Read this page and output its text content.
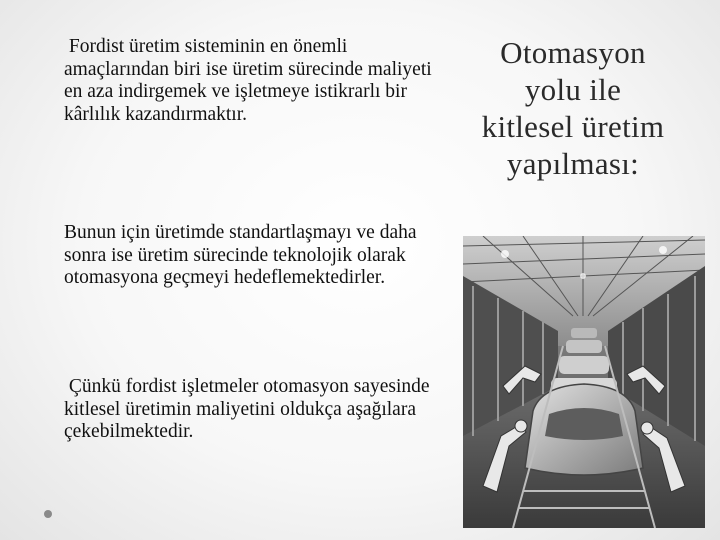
Fordist üretim sisteminin en önemli amaçlarından biri ise üretim sürecinde maliyeti en aza indirgemek ve işletmeye istikrarlı bir kârlılık kazandırmaktır.

Bunun için üretimde standartlaşmayı ve daha sonra ise üretim sürecinde teknolojik olarak otomasyona geçmeyi hedeflemektedirler.

Çünkü fordist işletmeler otomasyon sayesinde kitlesel üretimin maliyetini oldukça aşağılara çekebilmektedir.

Otomasyon
yolu ile
kitlesel üretim
yapılması:
